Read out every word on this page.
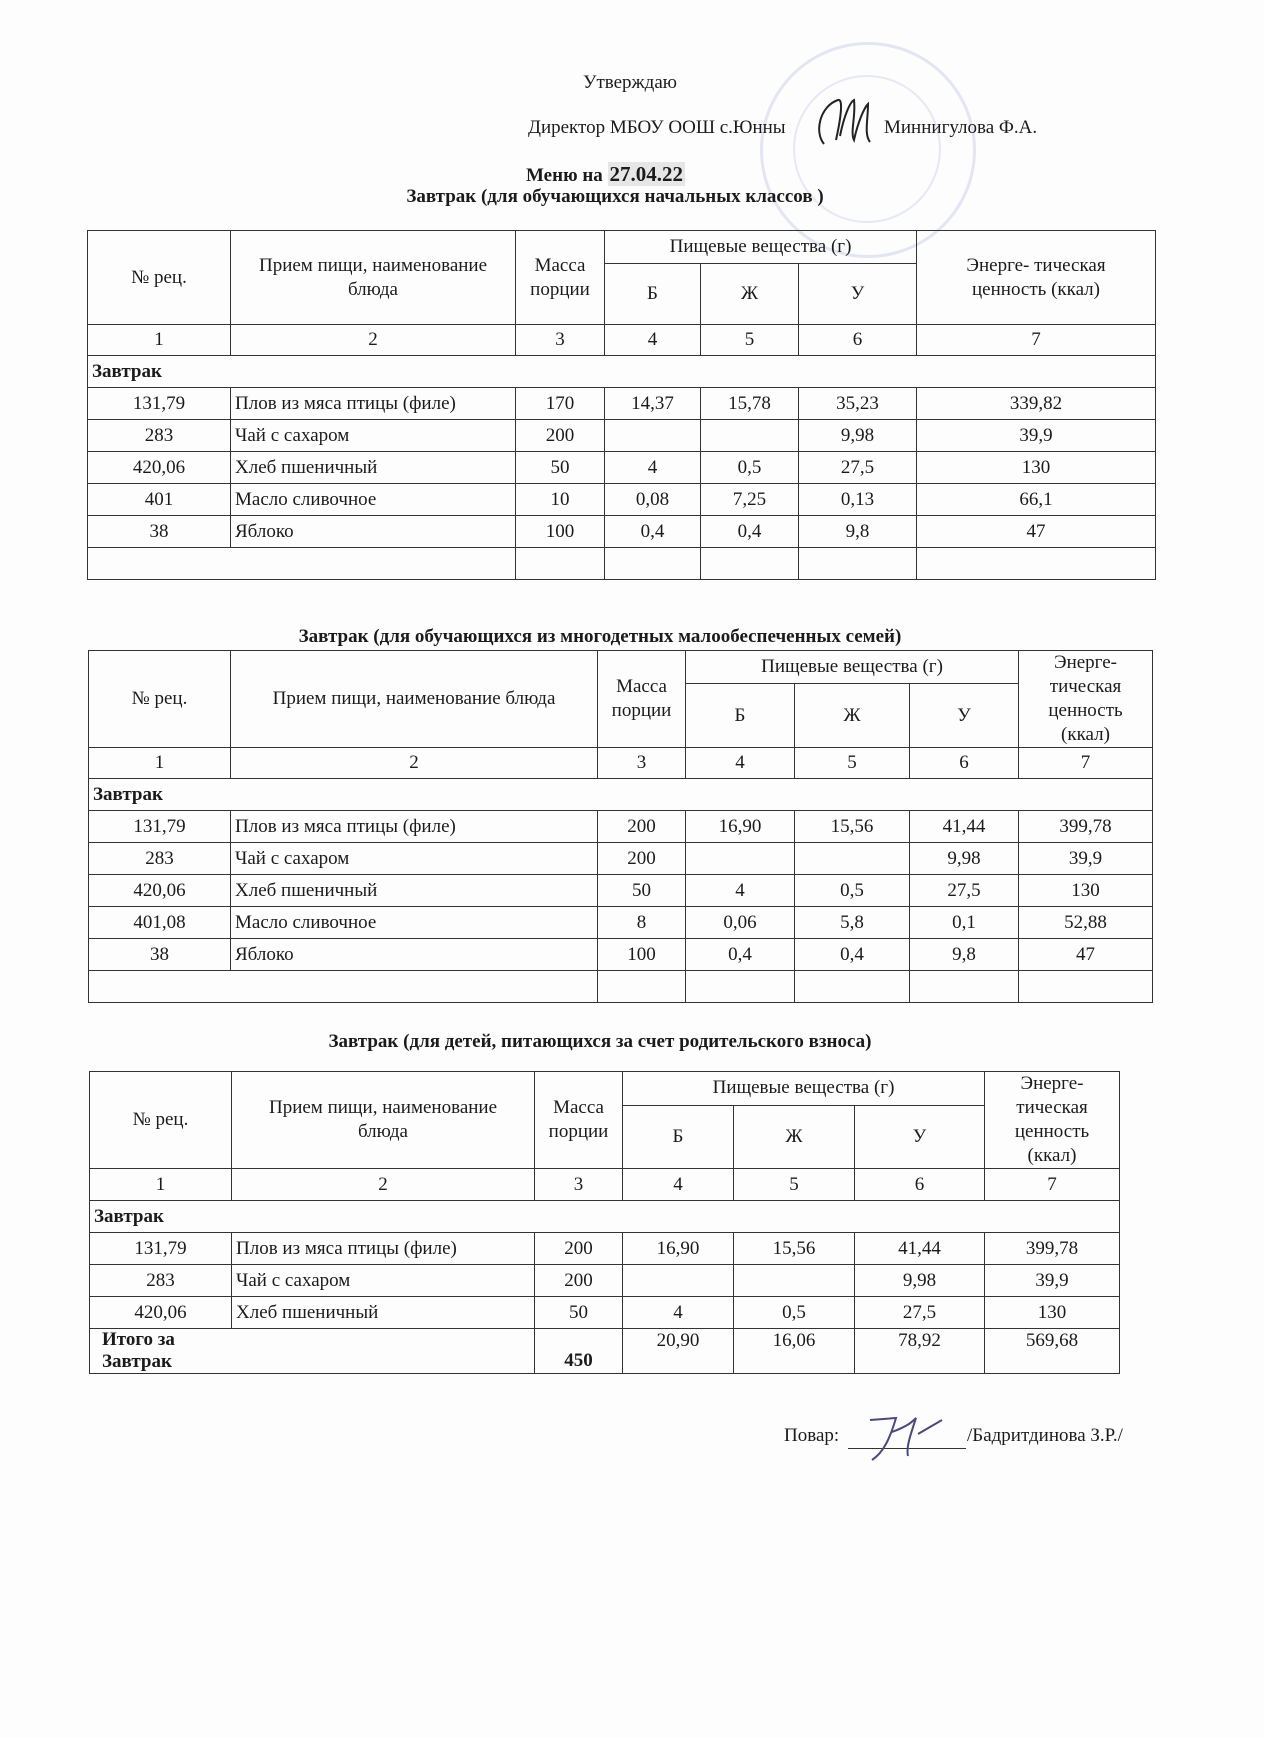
Утверждаю
Директор МБОУ ООШ с.Юнны	Миннигулова Ф.А.
Меню на 27.04.22
Завтрак (для обучающихся начальных классов )
№ рец.	Прием пищи, наименование блюда	Масса порции	Пищевые вещества (г)			Энерге- тическая ценность (ккал)
			Б	Ж	У	
1	2	3	4	5	6	7
Завтрак						
131,79	Плов из мяса птицы (филе)	170	14,37	15,78	35,23	339,82
283	Чай с сахаром	200			9,98	39,9
420,06	Хлеб пшеничный	50	4	0,5	27,5	130
401	Масло сливочное	10	0,08	7,25	0,13	66,1
38	Яблоко	100	0,4	0,4	9,8	47

Завтрак (для обучающихся из многодетных малообеспеченных семей)
№ рец.	Прием пищи, наименование блюда	Масса порции	Пищевые вещества (г)			Энерге- тическая ценность (ккал)
			Б	Ж	У	
1	2	3	4	5	6	7
Завтрак						
131,79	Плов из мяса птицы (филе)	200	16,90	15,56	41,44	399,78
283	Чай с сахаром	200			9,98	39,9
420,06	Хлеб пшеничный	50	4	0,5	27,5	130
401,08	Масло сливочное	8	0,06	5,8	0,1	52,88
38	Яблоко	100	0,4	0,4	9,8	47

Завтрак (для детей, питающихся за счет родительского взноса)
№ рец.	Прием пищи, наименование блюда	Масса порции	Пищевые вещества (г)			Энерге- тическая ценность (ккал)
			Б	Ж	У	
1	2	3	4	5	6	7
Завтрак						
131,79	Плов из мяса птицы (филе)	200	16,90	15,56	41,44	399,78
283	Чай с сахаром	200			9,98	39,9
420,06	Хлеб пшеничный	50	4	0,5	27,5	130

Итого за Завтрак		450	20,90	16,06	78,92	569,68
Повар:	/Бадритдинова З.Р./
